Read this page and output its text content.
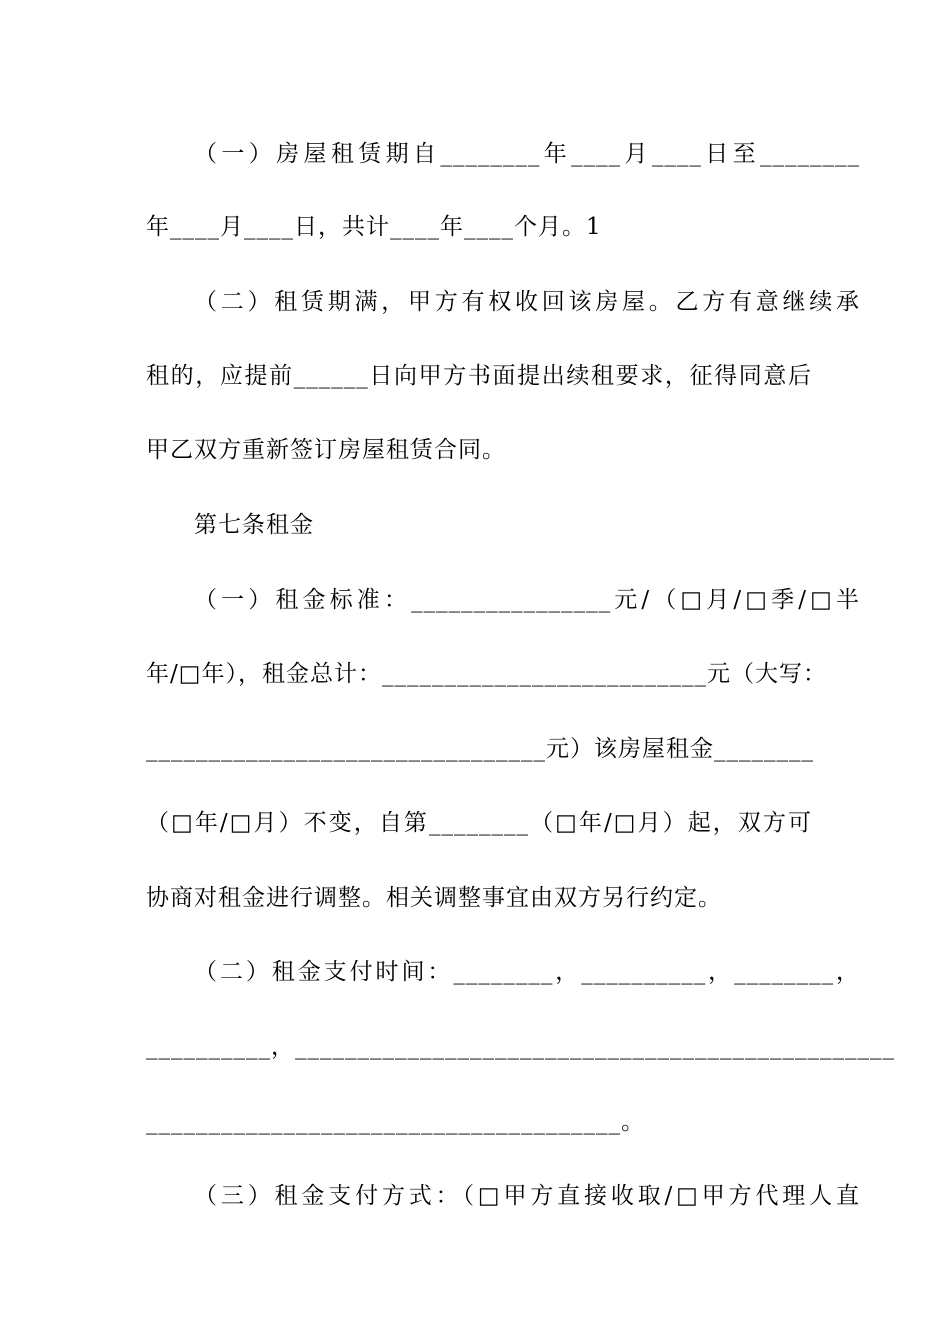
（一）房屋租赁期自________年____月____日至________
年____月____日，共计____年____个月。1
（二）租赁期满，甲方有权收回该房屋。乙方有意继续承
租的，应提前______日向甲方书面提出续租要求，征得同意后
甲乙双方重新签订房屋租赁合同。
第七条租金
（一）租金标准：________________元/（□月/□季/□半
年/□年），租金总计：__________________________元（大写：
________________________________元）该房屋租金________
（□年/□月）不变，自第________（□年/□月）起，双方可
协商对租金进行调整。相关调整事宜由双方另行约定。
（二）租金支付时间：________，__________，________，
__________，________________________________________________
______________________________________。
（三）租金支付方式：（□甲方直接收取/□甲方代理人直
